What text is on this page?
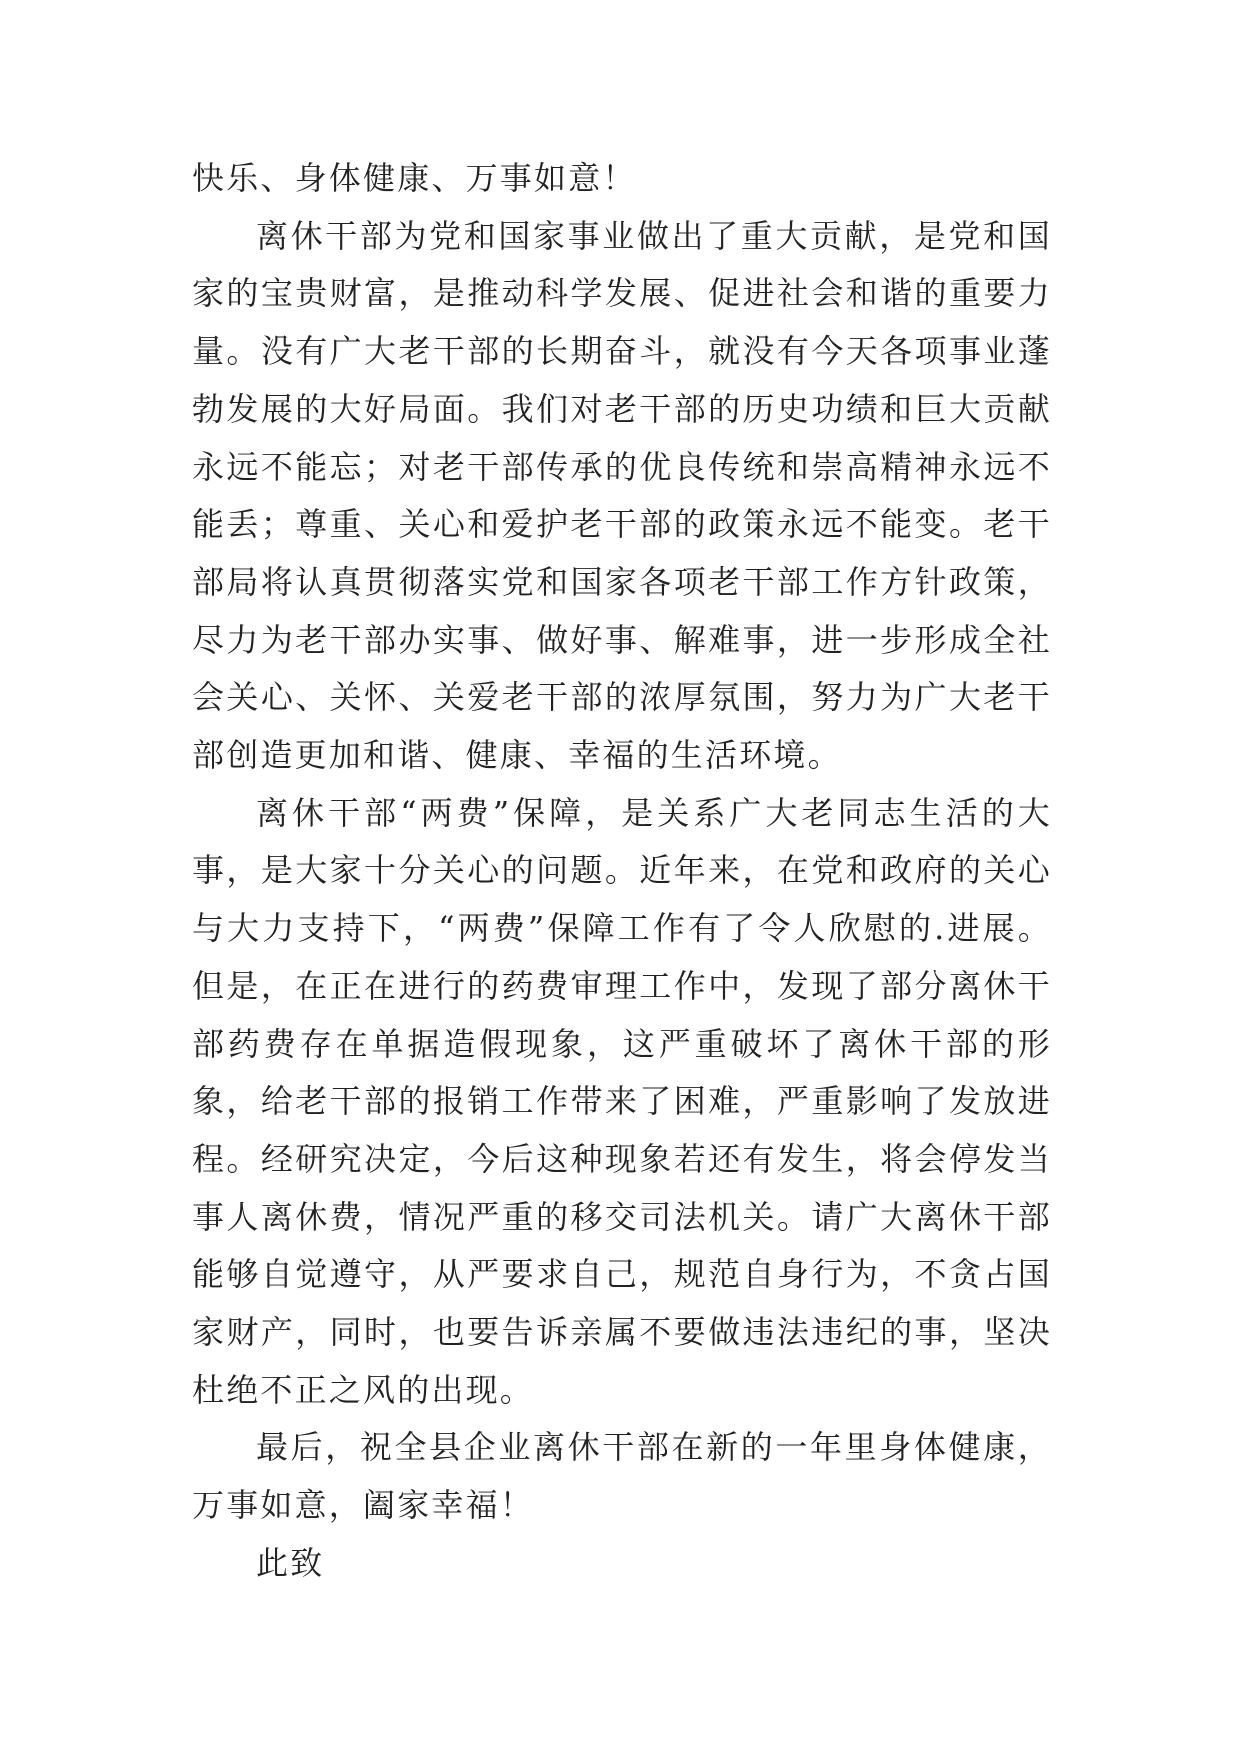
快乐、身体健康、万事如意！

离休干部为党和国家事业做出了重大贡献，是党和国家的宝贵财富，是推动科学发展、促进社会和谐的重要力量。没有广大老干部的长期奋斗，就没有今天各项事业蓬勃发展的大好局面。我们对老干部的历史功绩和巨大贡献永远不能忘；对老干部传承的优良传统和崇高精神永远不能丢；尊重、关心和爱护老干部的政策永远不能变。老干部局将认真贯彻落实党和国家各项老干部工作方针政策，尽力为老干部办实事、做好事、解难事，进一步形成全社会关心、关怀、关爱老干部的浓厚氛围，努力为广大老干部创造更加和谐、健康、幸福的生活环境。

离休干部“两费”保障，是关系广大老同志生活的大事，是大家十分关心的问题。近年来，在党和政府的关心与大力支持下，“两费”保障工作有了令人欣慰的.进展。但是，在正在进行的药费审理工作中，发现了部分离休干部药费存在单据造假现象，这严重破坏了离休干部的形象，给老干部的报销工作带来了困难，严重影响了发放进程。经研究决定，今后这种现象若还有发生，将会停发当事人离休费，情况严重的移交司法机关。请广大离休干部能够自觉遵守，从严要求自己，规范自身行为，不贪占国家财产，同时，也要告诉亲属不要做违法违纪的事，坚决杜绝不正之风的出现。

最后，祝全县企业离休干部在新的一年里身体健康，万事如意，阖家幸福！

此致
